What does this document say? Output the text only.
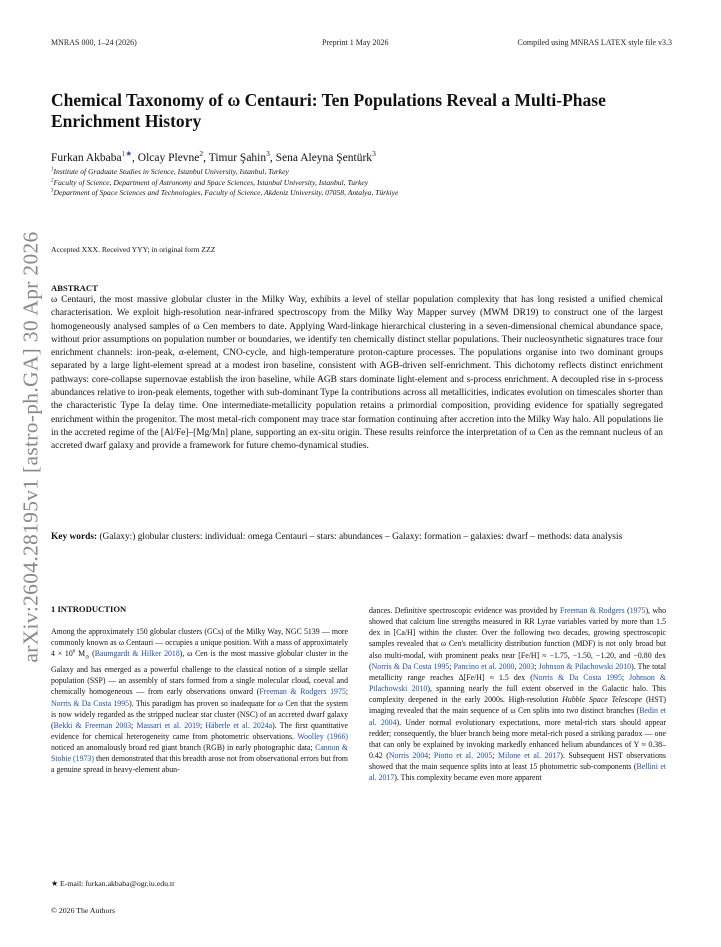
MNRAS 000, 1–24 (2026)	Preprint 1 May 2026	Compiled using MNRAS LATEX style file v3.3
arXiv:2604.28195v1 [astro-ph.GA] 30 Apr 2026
Chemical Taxonomy of ω Centauri: Ten Populations Reveal a Multi-Phase Enrichment History
Furkan Akbaba$^{1★}$, Olcay Plevne$^2$, Timur Şahin$^3$, Sena Aleyna Şentürk$^3$
$^1$Institute of Graduate Studies in Science, Istanbul University, Istanbul, Turkey
$^2$Faculty of Science, Department of Astronomy and Space Sciences, Istanbul University, Istanbul, Turkey
$^3$Department of Space Sciences and Technologies, Faculty of Science, Akdeniz University, 07058, Antalya, Türkiye
Accepted XXX. Received YYY; in original form ZZZ
ABSTRACT
ω Centauri, the most massive globular cluster in the Milky Way, exhibits a level of stellar population complexity that has long resisted a unified chemical characterisation. We exploit high-resolution near-infrared spectroscopy from the Milky Way Mapper survey (MWM DR19) to construct one of the largest homogeneously analysed samples of ω Cen members to date. Applying Ward-linkage hierarchical clustering in a seven-dimensional chemical abundance space, without prior assumptions on population number or boundaries, we identify ten chemically distinct stellar populations. Their nucleosynthetic signatures trace four enrichment channels: iron-peak, α-element, CNO-cycle, and high-temperature proton-capture processes. The populations organise into two dominant groups separated by a large light-element spread at a modest iron baseline, consistent with AGB-driven self-enrichment. This dichotomy reflects distinct enrichment pathways: core-collapse supernovae establish the iron baseline, while AGB stars dominate light-element and s-process enrichment. A decoupled rise in s-process abundances relative to iron-peak elements, together with sub-dominant Type Ia contributions across all metallicities, indicates evolution on timescales shorter than the characteristic Type Ia delay time. One intermediate-metallicity population retains a primordial composition, providing evidence for spatially segregated enrichment within the progenitor. The most metal-rich component may trace star formation continuing after accretion into the Milky Way halo. All populations lie in the accreted regime of the [Al/Fe]–[Mg/Mn] plane, supporting an ex-situ origin. These results reinforce the interpretation of ω Cen as the remnant nucleus of an accreted dwarf galaxy and provide a framework for future chemo-dynamical studies.
Key words: (Galaxy:) globular clusters: individual: omega Centauri – stars: abundances – Galaxy: formation – galaxies: dwarf – methods: data analysis
1 INTRODUCTION
Among the approximately 150 globular clusters (GCs) of the Milky Way, NGC 5139 — more commonly known as ω Centauri — occupies a unique position. With a mass of approximately $4 \times 10^6$ $M_⊙$ (Baumgardt & Hilker 2018), ω Cen is the most massive globular cluster in the Galaxy and has emerged as a powerful challenge to the classical notion of a simple stellar population (SSP) — an assembly of stars formed from a single molecular cloud, coeval and chemically homogeneous — from early observations onward (Freeman & Rodgers 1975; Norris & Da Costa 1995). This paradigm has proven so inadequate for ω Cen that the system is now widely regarded as the stripped nuclear star cluster (NSC) of an accreted dwarf galaxy (Bekki & Freeman 2003; Massari et al. 2019; Häberle et al. 2024a). The first quantitative evidence for chemical heterogeneity came from photometric observations. Woolley (1966) noticed an anomalously broad red giant branch (RGB) in early photographic data; Cannon & Stobie (1973) then demonstrated that this breadth arose not from observational errors but from a genuine spread in heavy-element abun-
dances. Definitive spectroscopic evidence was provided by Freeman & Rodgers (1975), who showed that calcium line strengths measured in RR Lyrae variables varied by more than 1.5 dex in [Ca/H] within the cluster. Over the following two decades, growing spectroscopic samples revealed that ω Cen's metallicity distribution function (MDF) is not only broad but also multi-modal, with prominent peaks near [Fe/H] ≈ −1.75, −1.50, −1.20, and −0.80 dex (Norris & Da Costa 1995; Pancino et al. 2000, 2003; Johnson & Pilachowski 2010). The total metallicity range reaches Δ[Fe/H] ≈ 1.5 dex (Norris & Da Costa 1995; Johnson & Pilachowski 2010), spanning nearly the full extent observed in the Galactic halo. This complexity deepened in the early 2000s. High-resolution Hubble Space Telescope (HST) imaging revealed that the main sequence of ω Cen splits into two distinct branches (Bedin et al. 2004). Under normal evolutionary expectations, more metal-rich stars should appear redder; consequently, the bluer branch being more metal-rich posed a striking paradox — one that can only be explained by invoking markedly enhanced helium abundances of Y ≈ 0.38–0.42 (Norris 2004; Piotto et al. 2005; Milone et al. 2017). Subsequent HST observations showed that the main sequence splits into at least 15 photometric sub-components (Bellini et al. 2017). This complexity became even more apparent
★ E-mail: furkan.akbaba@ogr.iu.edu.tr
© 2026 The Authors
